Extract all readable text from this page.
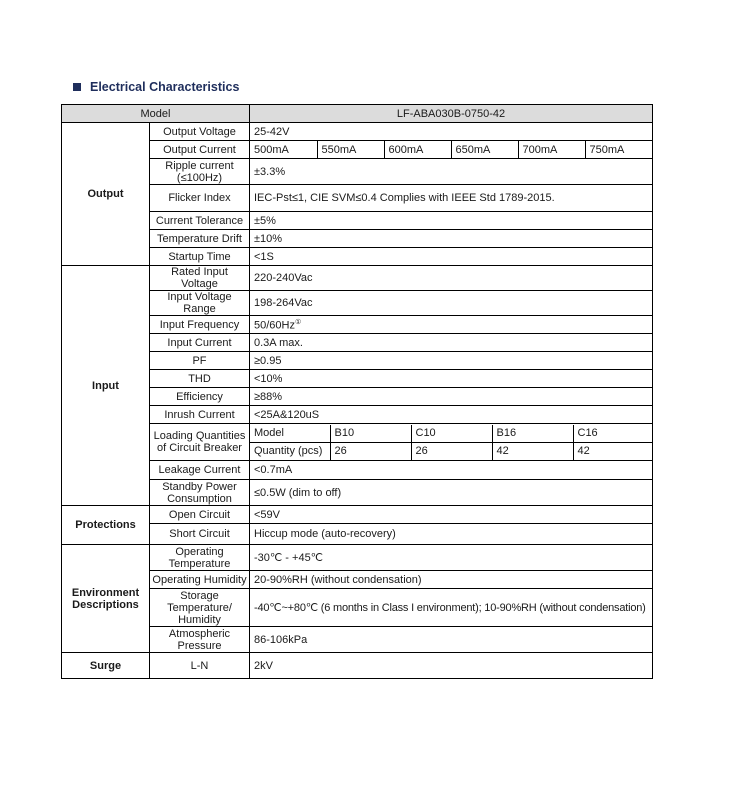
Electrical Characteristics
Model	LF-ABA030B-0750-42
Output	Output Voltage	25-42V
Output Current	500mA	550mA	600mA	650mA	700mA	750mA

Ripple current (≤100Hz)	±3.3%
Flicker Index	IEC-Pst≤1, CIE SVM≤0.4 Complies with IEEE Std 1789-2015.
Current Tolerance	±5%
Temperature Drift	±10%
Startup Time	<1S
Input	Rated Input Voltage	220-240Vac
Input Voltage Range	198-264Vac
Input Frequency	50/60Hz①
Input Current	0.3A max.
PF	≥0.95
THD	<10%
Efficiency	≥88%
Inrush Current	<25A&120uS
Loading Quantities of Circuit Breaker	
Model	B10	C10	B16	C16
Quantity (pcs)	26	26	42	42

Leakage Current	<0.7mA
Standby Power Consumption	≤0.5W (dim to off)
Protections	Open Circuit	<59V
Short Circuit	Hiccup mode (auto-recovery)
Environment Descriptions	Operating Temperature	-30℃ - +45℃
Operating Humidity	20-90%RH (without condensation)
Storage Temperature/ Humidity	-40℃~+80℃ (6 months in Class I environment); 10-90%RH (without condensation)
Atmospheric Pressure	86-106kPa
Surge	L-N	2kV
